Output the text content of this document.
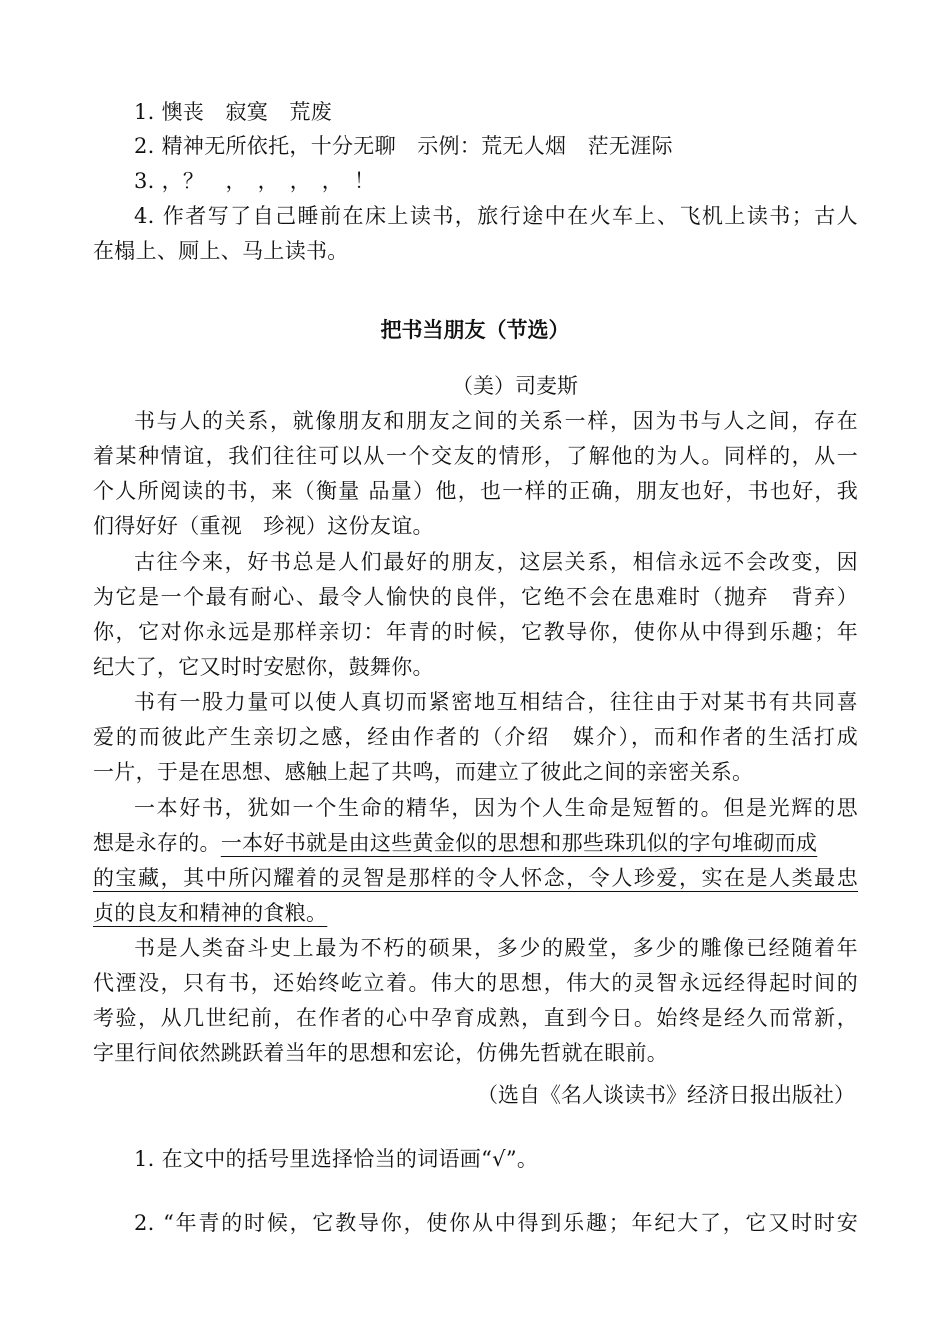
1. 懊丧　寂寞　荒废
2. 精神无所依托，十分无聊　示例：荒无人烟　茫无涯际
3. ，？　，　，　，　，　！
4. 作者写了自己睡前在床上读书，旅行途中在火车上、飞机上读书；古人
在榻上、厕上、马上读书。
把书当朋友（节选）
（美）司麦斯
书与人的关系，就像朋友和朋友之间的关系一样，因为书与人之间，存在
着某种情谊，我们往往可以从一个交友的情形，了解他的为人。同样的，从一
个人所阅读的书，来（衡量 品量）他，也一样的正确，朋友也好，书也好，我
们得好好（重视　珍视）这份友谊。
古往今来，好书总是人们最好的朋友，这层关系，相信永远不会改变，因
为它是一个最有耐心、最令人愉快的良伴，它绝不会在患难时（抛弃　背弃）
你，它对你永远是那样亲切：年青的时候，它教导你，使你从中得到乐趣；年
纪大了，它又时时安慰你，鼓舞你。
书有一股力量可以使人真切而紧密地互相结合，往往由于对某书有共同喜
爱的而彼此产生亲切之感，经由作者的（介绍　媒介），而和作者的生活打成
一片，于是在思想、感触上起了共鸣，而建立了彼此之间的亲密关系。
一本好书，犹如一个生命的精华，因为个人生命是短暂的。但是光辉的思
想是永存的。一本好书就是由这些黄金似的思想和那些珠玑似的字句堆砌而成
的宝藏，其中所闪耀着的灵智是那样的令人怀念，令人珍爱，实在是人类最忠
贞的良友和精神的食粮。
书是人类奋斗史上最为不朽的硕果，多少的殿堂，多少的雕像已经随着年
代湮没，只有书，还始终屹立着。伟大的思想，伟大的灵智永远经得起时间的
考验，从几世纪前，在作者的心中孕育成熟，直到今日。始终是经久而常新，
字里行间依然跳跃着当年的思想和宏论，仿佛先哲就在眼前。
（选自《名人谈读书》经济日报出版社）
1. 在文中的括号里选择恰当的词语画“√”。
2. “年青的时候，它教导你，使你从中得到乐趣；年纪大了，它又时时安
